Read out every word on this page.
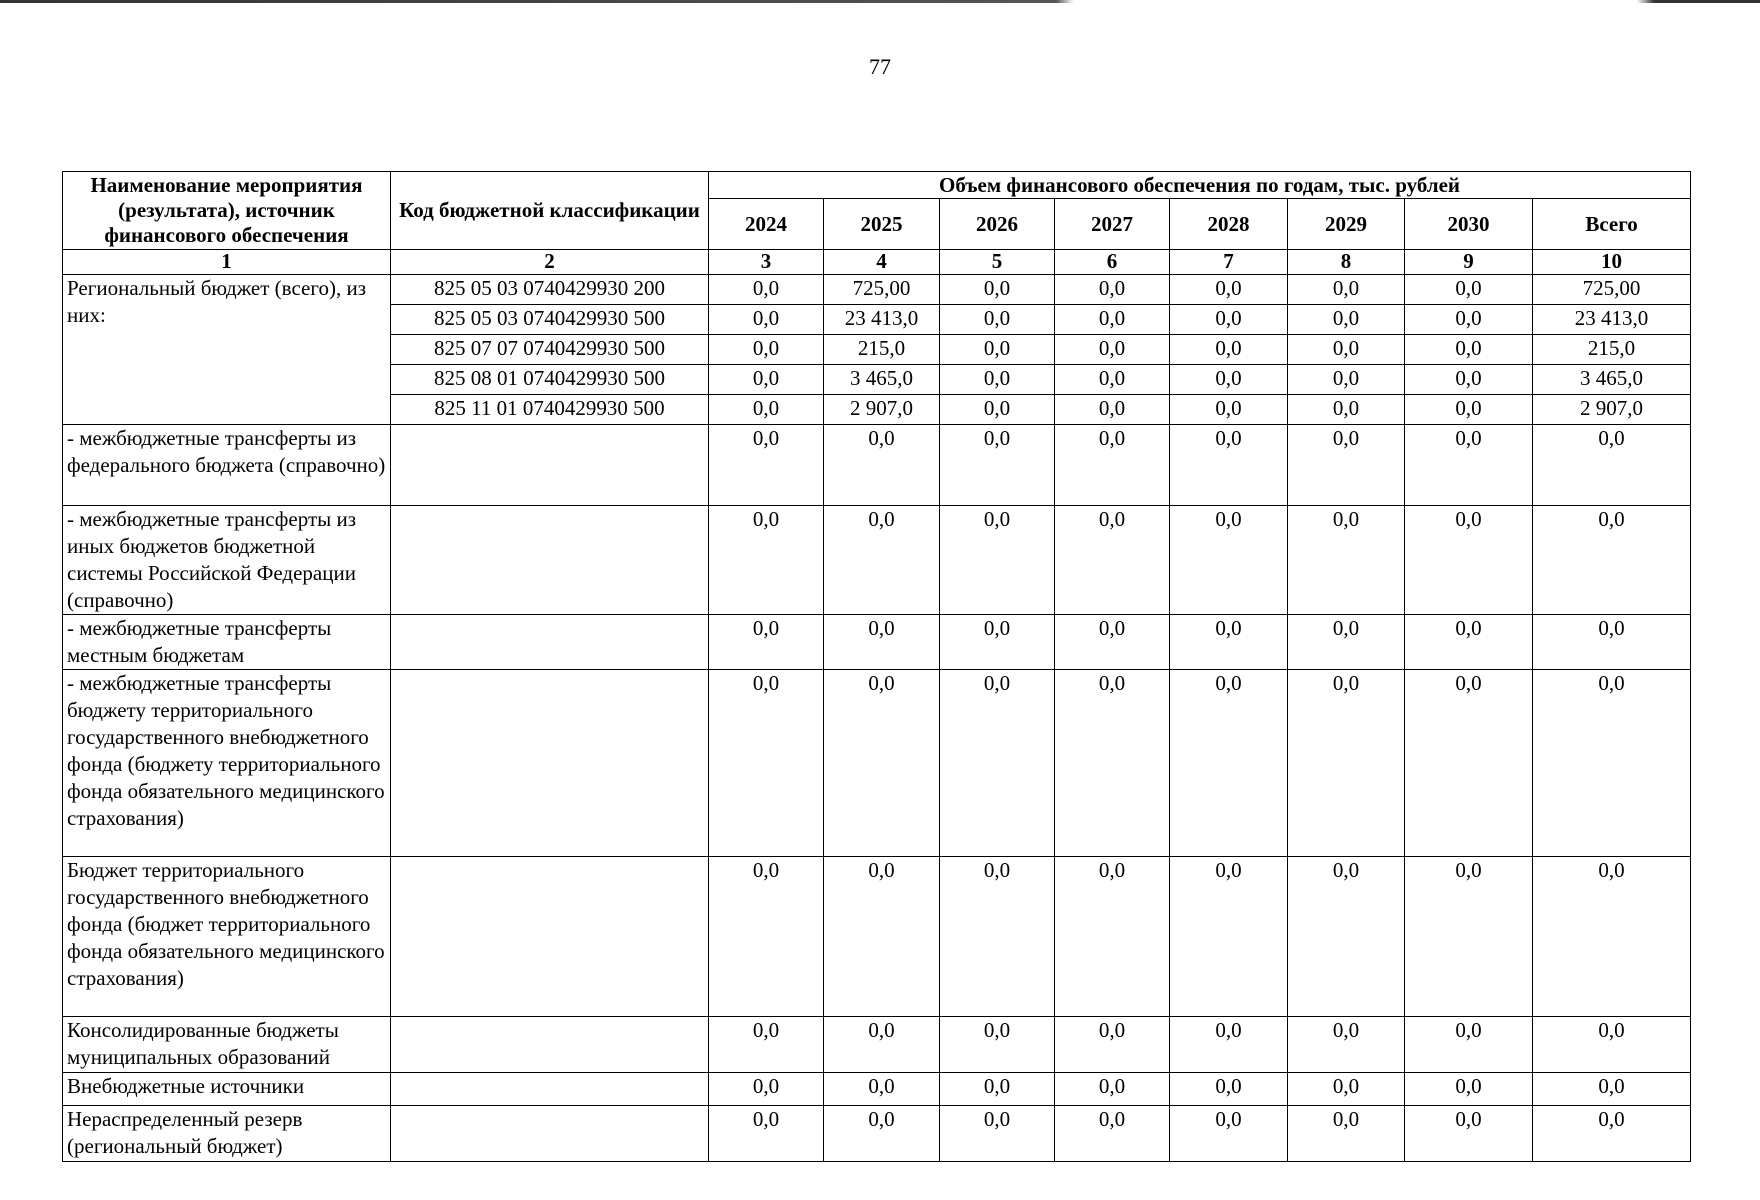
77
Наименование мероприятия (результата), источник финансового обеспечения	Код бюджетной классификации	Объем финансового обеспечения по годам, тыс. рублей							
		2024	2025	2026	2027	2028	2029	2030	Всего
1	2	3	4	5	6	7	8	9	10
Региональный бюджет (всего), из них:	825 05 03 0740429930 200	0,0	725,00	0,0	0,0	0,0	0,0	0,0	725,00
	825 05 03 0740429930 500	0,0	23 413,0	0,0	0,0	0,0	0,0	0,0	23 413,0
	825 07 07 0740429930 500	0,0	215,0	0,0	0,0	0,0	0,0	0,0	215,0
	825 08 01 0740429930 500	0,0	3 465,0	0,0	0,0	0,0	0,0	0,0	3 465,0
	825 11 01 0740429930 500	0,0	2 907,0	0,0	0,0	0,0	0,0	0,0	2 907,0
- межбюджетные трансферты из федерального бюджета (справочно)		0,0	0,0	0,0	0,0	0,0	0,0	0,0	0,0
- межбюджетные трансферты из иных бюджетов бюджетной системы Российской Федерации (справочно)		0,0	0,0	0,0	0,0	0,0	0,0	0,0	0,0
- межбюджетные трансферты местным бюджетам		0,0	0,0	0,0	0,0	0,0	0,0	0,0	0,0
- межбюджетные трансферты бюджету территориального государственного внебюджетного фонда (бюджету территориального фонда обязательного медицинского страхования)		0,0	0,0	0,0	0,0	0,0	0,0	0,0	0,0
Бюджет территориального государственного внебюджетного фонда (бюджет территориального фонда обязательного медицинского страхования)		0,0	0,0	0,0	0,0	0,0	0,0	0,0	0,0
Консолидированные бюджеты муниципальных образований		0,0	0,0	0,0	0,0	0,0	0,0	0,0	0,0
Внебюджетные источники		0,0	0,0	0,0	0,0	0,0	0,0	0,0	0,0
Нераспределенный резерв (региональный бюджет)		0,0	0,0	0,0	0,0	0,0	0,0	0,0	0,0
